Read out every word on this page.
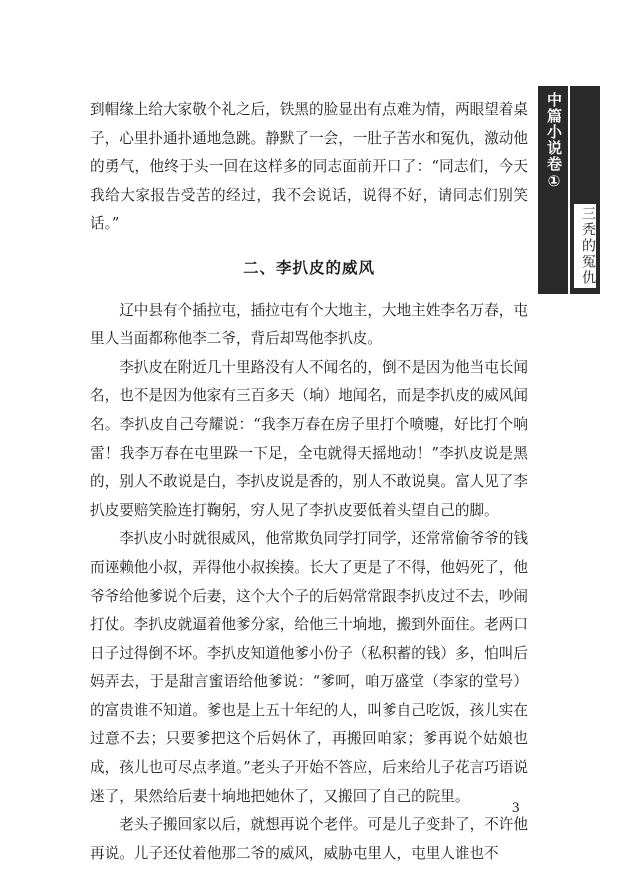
中篇小说卷①
三秃的冤仇

到帽缘上给大家敬个礼之后，铁黑的脸显出有点难为情，两眼望着桌子，心里扑通扑通地急跳。静默了一会，一肚子苦水和冤仇，激动他的勇气，他终于头一回在这样多的同志面前开口了：“同志们，今天我给大家报告受苦的经过，我不会说话，说得不好，请同志们别笑话。”

二、李扒皮的威风

辽中县有个插拉屯，插拉屯有个大地主，大地主姓李名万春，屯里人当面都称他李二爷，背后却骂他李扒皮。

李扒皮在附近几十里路没有人不闻名的，倒不是因为他当屯长闻名，也不是因为他家有三百多天（垧）地闻名，而是李扒皮的威风闻名。李扒皮自己夸耀说：“我李万春在房子里打个喷嚏，好比打个响雷！我李万春在屯里跺一下足，全屯就得天摇地动！”李扒皮说是黑的，别人不敢说是白，李扒皮说是香的，别人不敢说臭。富人见了李扒皮要赔笑脸连打鞠躬，穷人见了李扒皮要低着头望自己的脚。

李扒皮小时就很威风，他常欺负同学打同学，还常常偷爷爷的钱而诬赖他小叔，弄得他小叔挨揍。长大了更是了不得，他妈死了，他爷爷给他爹说个后妻，这个大个子的后妈常常跟李扒皮过不去，吵闹打仗。李扒皮就逼着他爹分家，给他三十垧地，搬到外面住。老两口日子过得倒不坏。李扒皮知道他爹小份子（私积蓄的钱）多，怕叫后妈弄去，于是甜言蜜语给他爹说：“爹呵，咱万盛堂（李家的堂号）的富贵谁不知道。爹也是上五十年纪的人，叫爹自己吃饭，孩儿实在过意不去；只要爹把这个后妈休了，再搬回咱家；爹再说个姑娘也成，孩儿也可尽点孝道。”老头子开始不答应，后来给儿子花言巧语说迷了，果然给后妻十垧地把她休了，又搬回了自己的院里。

老头子搬回家以后，就想再说个老伴。可是儿子变卦了，不许他再说。儿子还仗着他那二爷的威风，威胁屯里人，屯里人谁也不

3
